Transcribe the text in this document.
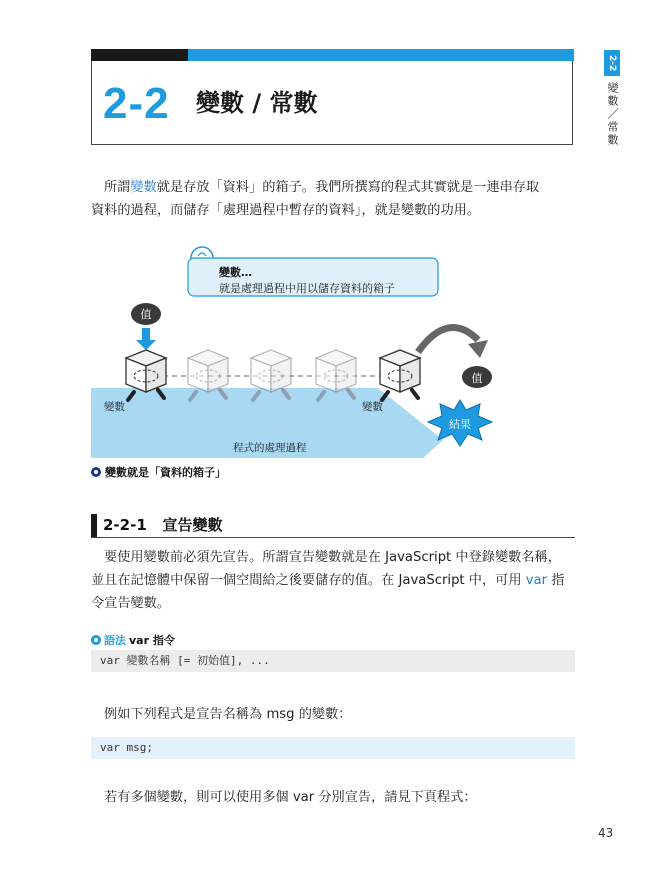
2-2 變數 / 常數
2-2
變數／常數
所謂變數就是存放「資料」的箱子。我們所撰寫的程式其實就是一連串存取
資料的過程，而儲存「處理過程中暫存的資料」，就是變數的功用。
變數…
就是處理過程中用以儲存資料的箱子
值
值
變數	變數
結果
程式的處理過程
變數就是「資料的箱子」
2-2-1 宣告變數
要使用變數前必須先宣告。所謂宣告變數就是在 JavaScript 中登錄變數名稱，
並且在記憶體中保留一個空間給之後要儲存的值。在 JavaScript 中，可用 var 指
令宣告變數。
語法 var 指令
var 變數名稱 [= 初始值], ...
例如下列程式是宣告名稱為 msg 的變數：
var msg;
若有多個變數，則可以使用多個 var 分別宣告，請見下頁程式：
43
